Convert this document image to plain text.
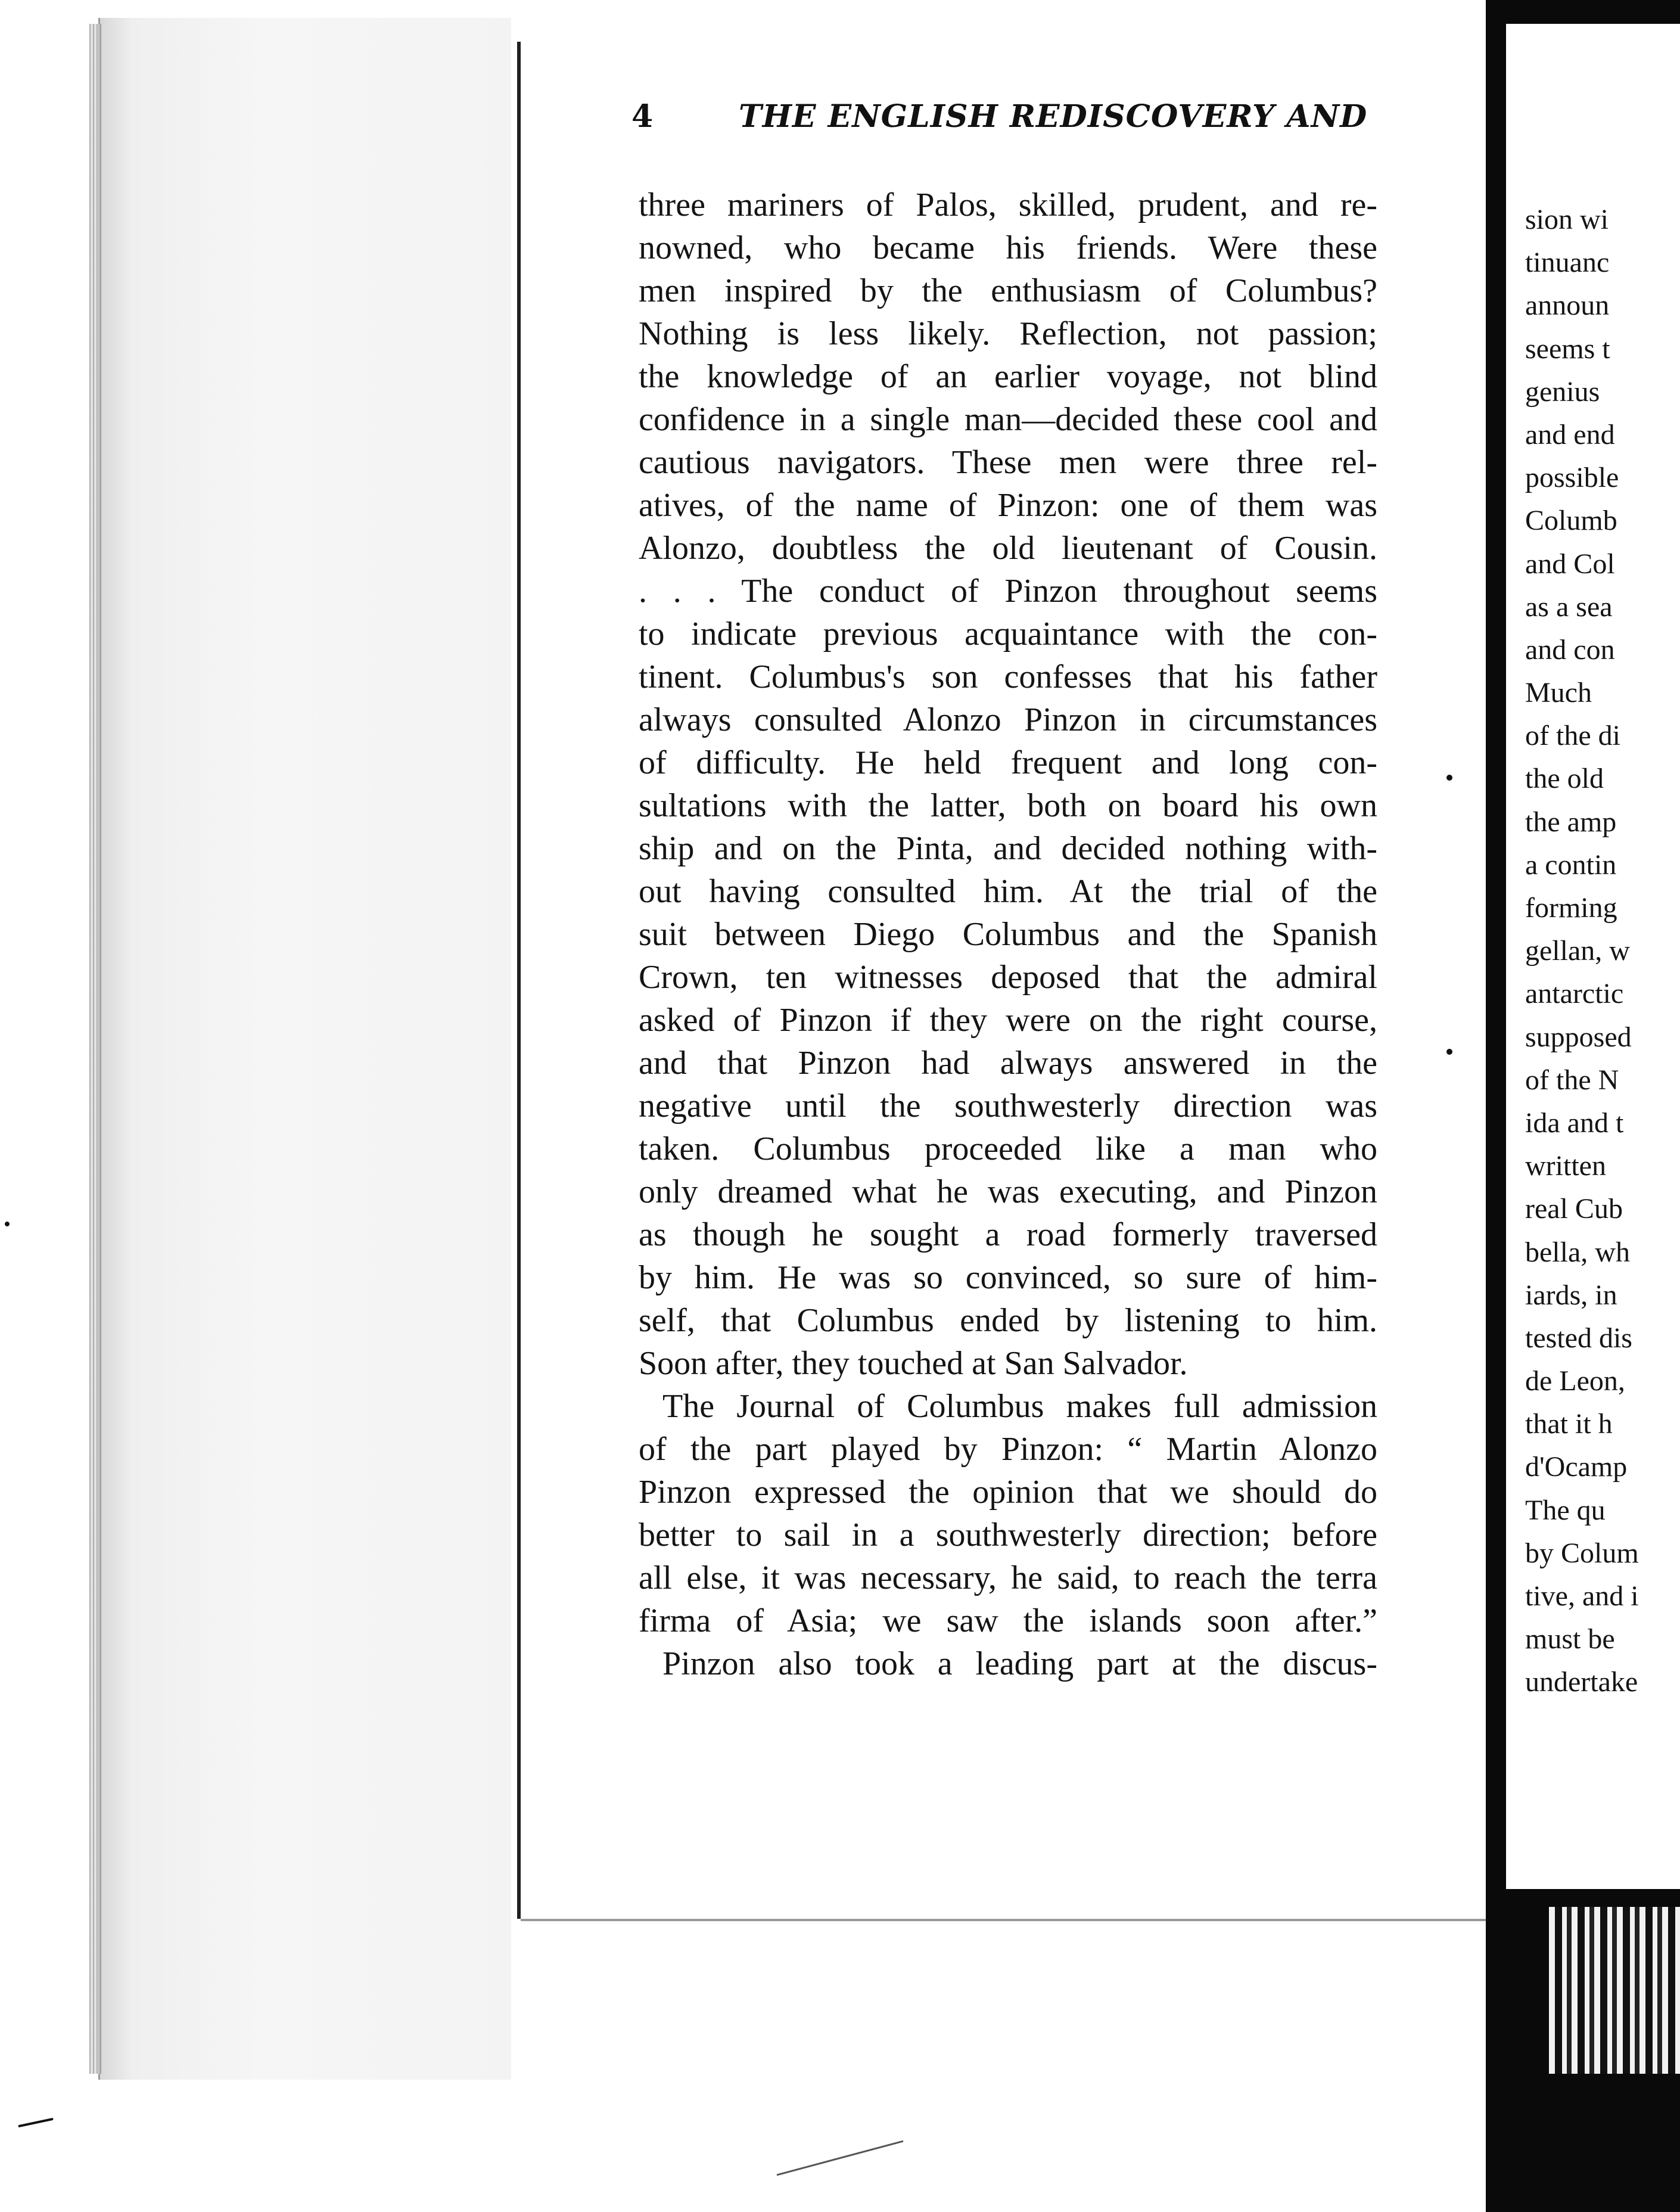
4	THE ENGLISH REDISCOVERY AND
three mariners of Palos, skilled, prudent, and re-
nowned, who became his friends. Were these
men inspired by the enthusiasm of Columbus?
Nothing is less likely. Reflection, not passion;
the knowledge of an earlier voyage, not blind
confidence in a single man—decided these cool and
cautious navigators. These men were three rel-
atives, of the name of Pinzon: one of them was
Alonzo, doubtless the old lieutenant of Cousin.
. . . The conduct of Pinzon throughout seems
to indicate previous acquaintance with the con-
tinent. Columbus's son confesses that his father
always consulted Alonzo Pinzon in circumstances
of difficulty. He held frequent and long con-
sultations with the latter, both on board his own
ship and on the Pinta, and decided nothing with-
out having consulted him. At the trial of the
suit between Diego Columbus and the Spanish
Crown, ten witnesses deposed that the admiral
asked of Pinzon if they were on the right course,
and that Pinzon had always answered in the
negative until the southwesterly direction was
taken. Columbus proceeded like a man who
only dreamed what he was executing, and Pinzon
as though he sought a road formerly traversed
by him. He was so convinced, so sure of him-
self, that Columbus ended by listening to him.
Soon after, they touched at San Salvador.
The Journal of Columbus makes full admission
of the part played by Pinzon: “ Martin Alonzo
Pinzon expressed the opinion that we should do
better to sail in a southwesterly direction; before
all else, it was necessary, he said, to reach the terra
firma of Asia; we saw the islands soon after.”
Pinzon also took a leading part at the discus-
sion wi
tinuanc
announ
seems t
genius
and end
possible
Columb
and Col
as a sea
and con
Much
of the di
the old
the amp
a contin
forming
gellan, w
antarctic
supposed
of the N
ida and t
written
real Cub
bella, wh
iards, in
tested dis
de Leon,
that it h
d'Ocamp
The qu
by Colum
tive, and i
must be
undertake
